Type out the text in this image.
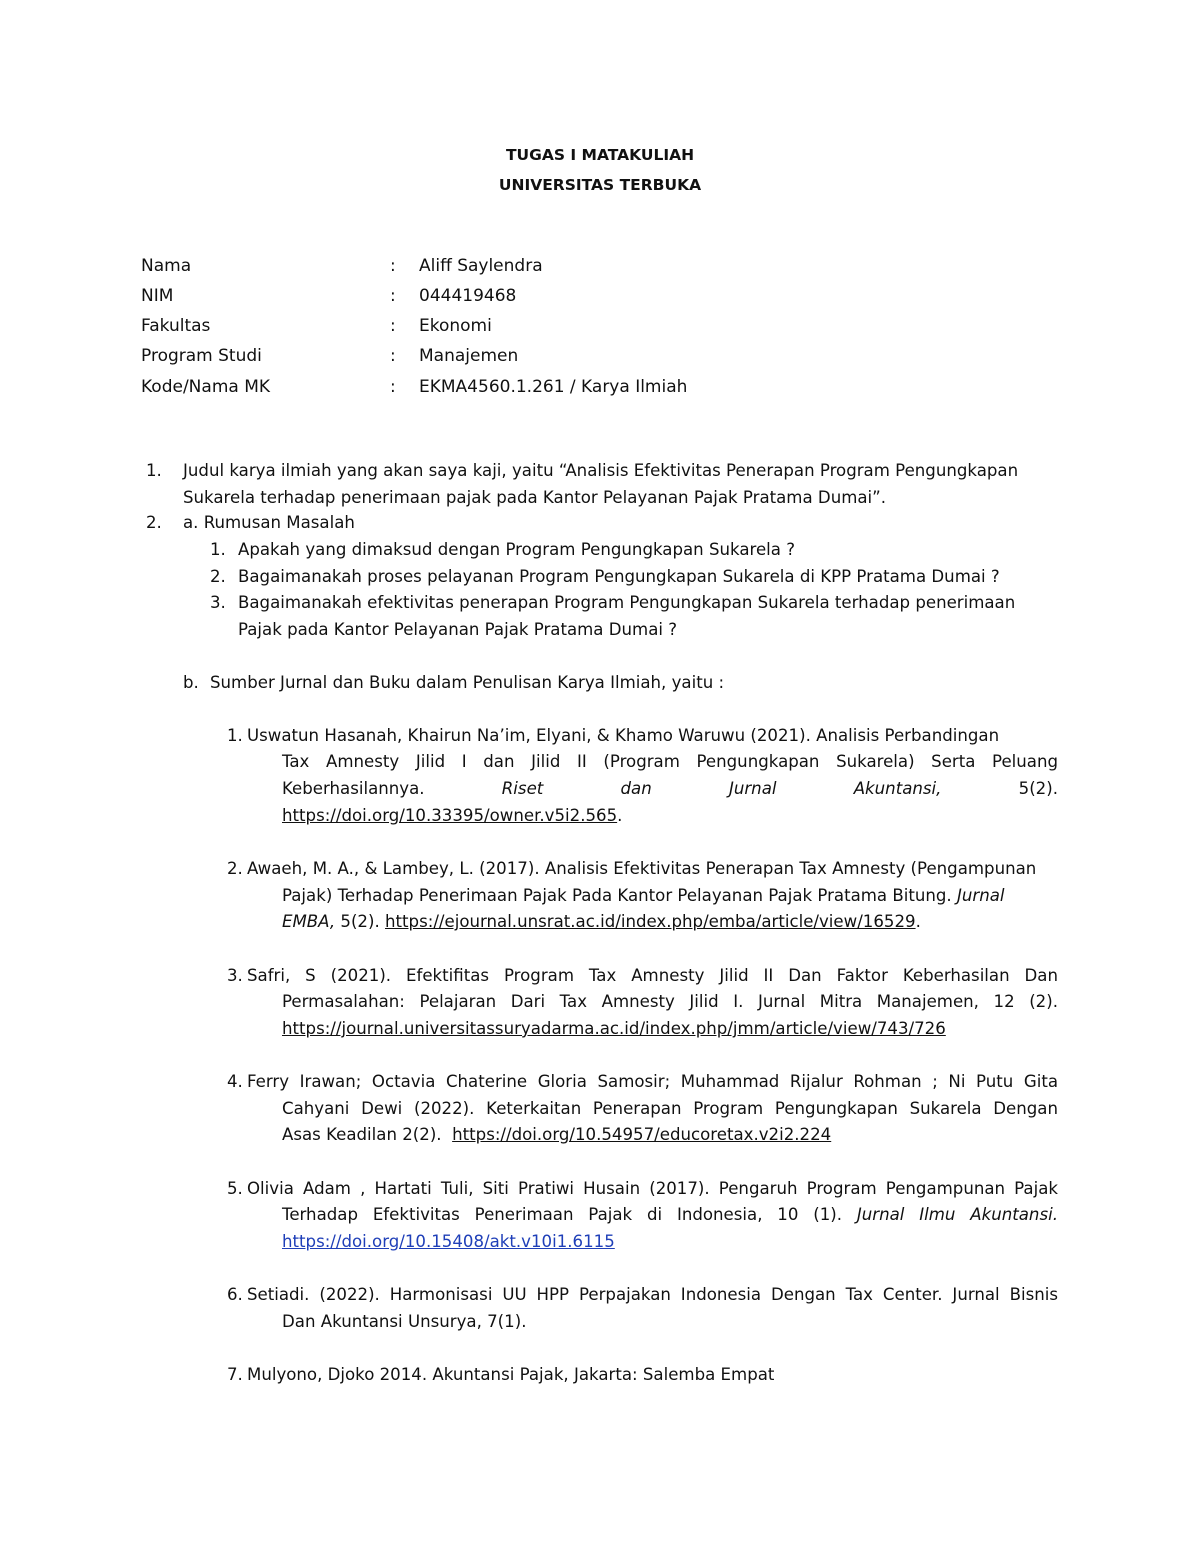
TUGAS I MATAKULIAH
UNIVERSITAS TERBUKA
Nama	: Aliff Saylendra
NIM	: 044419468
Fakultas	: Ekonomi
Program Studi	: Manajemen
Kode/Nama MK	: EKMA4560.1.261 / Karya Ilmiah
1. Judul karya ilmiah yang akan saya kaji, yaitu “Analisis Efektivitas Penerapan Program Pengungkapan
Sukarela terhadap penerimaan pajak pada Kantor Pelayanan Pajak Pratama Dumai”.
2. a. Rumusan Masalah
1. Apakah yang dimaksud dengan Program Pengungkapan Sukarela ?
2. Bagaimanakah proses pelayanan Program Pengungkapan Sukarela di KPP Pratama Dumai ?
3. Bagaimanakah efektivitas penerapan Program Pengungkapan Sukarela terhadap penerimaan
Pajak pada Kantor Pelayanan Pajak Pratama Dumai ?
b. Sumber Jurnal dan Buku dalam Penulisan Karya Ilmiah, yaitu :
1. Uswatun Hasanah, Khairun Na’im, Elyani, & Khamo Waruwu (2021). Analisis Perbandingan
Tax Amnesty Jilid I dan Jilid II (Program Pengungkapan Sukarela) Serta Peluang
Keberhasilannya.	Riset	dan	Jurnal	Akuntansi,	5(2).
https://doi.org/10.33395/owner.v5i2.565.
2. Awaeh, M. A., & Lambey, L. (2017). Analisis Efektivitas Penerapan Tax Amnesty (Pengampunan
Pajak) Terhadap Penerimaan Pajak Pada Kantor Pelayanan Pajak Pratama Bitung. Jurnal
EMBA, 5(2). https://ejournal.unsrat.ac.id/index.php/emba/article/view/16529.
3. Safri, S (2021). Efektifitas Program Tax Amnesty Jilid II Dan Faktor Keberhasilan Dan
Permasalahan: Pelajaran Dari Tax Amnesty Jilid I. Jurnal Mitra Manajemen, 12 (2).
https://journal.universitassuryadarma.ac.id/index.php/jmm/article/view/743/726
4. Ferry Irawan; Octavia Chaterine Gloria Samosir; Muhammad Rijalur Rohman ; Ni Putu Gita
Cahyani Dewi (2022). Keterkaitan Penerapan Program Pengungkapan Sukarela Dengan
Asas Keadilan 2(2).  https://doi.org/10.54957/educoretax.v2i2.224
5. Olivia Adam , Hartati Tuli, Siti Pratiwi Husain (2017). Pengaruh Program Pengampunan Pajak
Terhadap Efektivitas Penerimaan Pajak di Indonesia, 10 (1). Jurnal Ilmu Akuntansi.
https://doi.org/10.15408/akt.v10i1.6115
6. Setiadi. (2022). Harmonisasi UU HPP Perpajakan Indonesia Dengan Tax Center. Jurnal Bisnis
Dan Akuntansi Unsurya, 7(1).
7. Mulyono, Djoko 2014. Akuntansi Pajak, Jakarta: Salemba Empat
